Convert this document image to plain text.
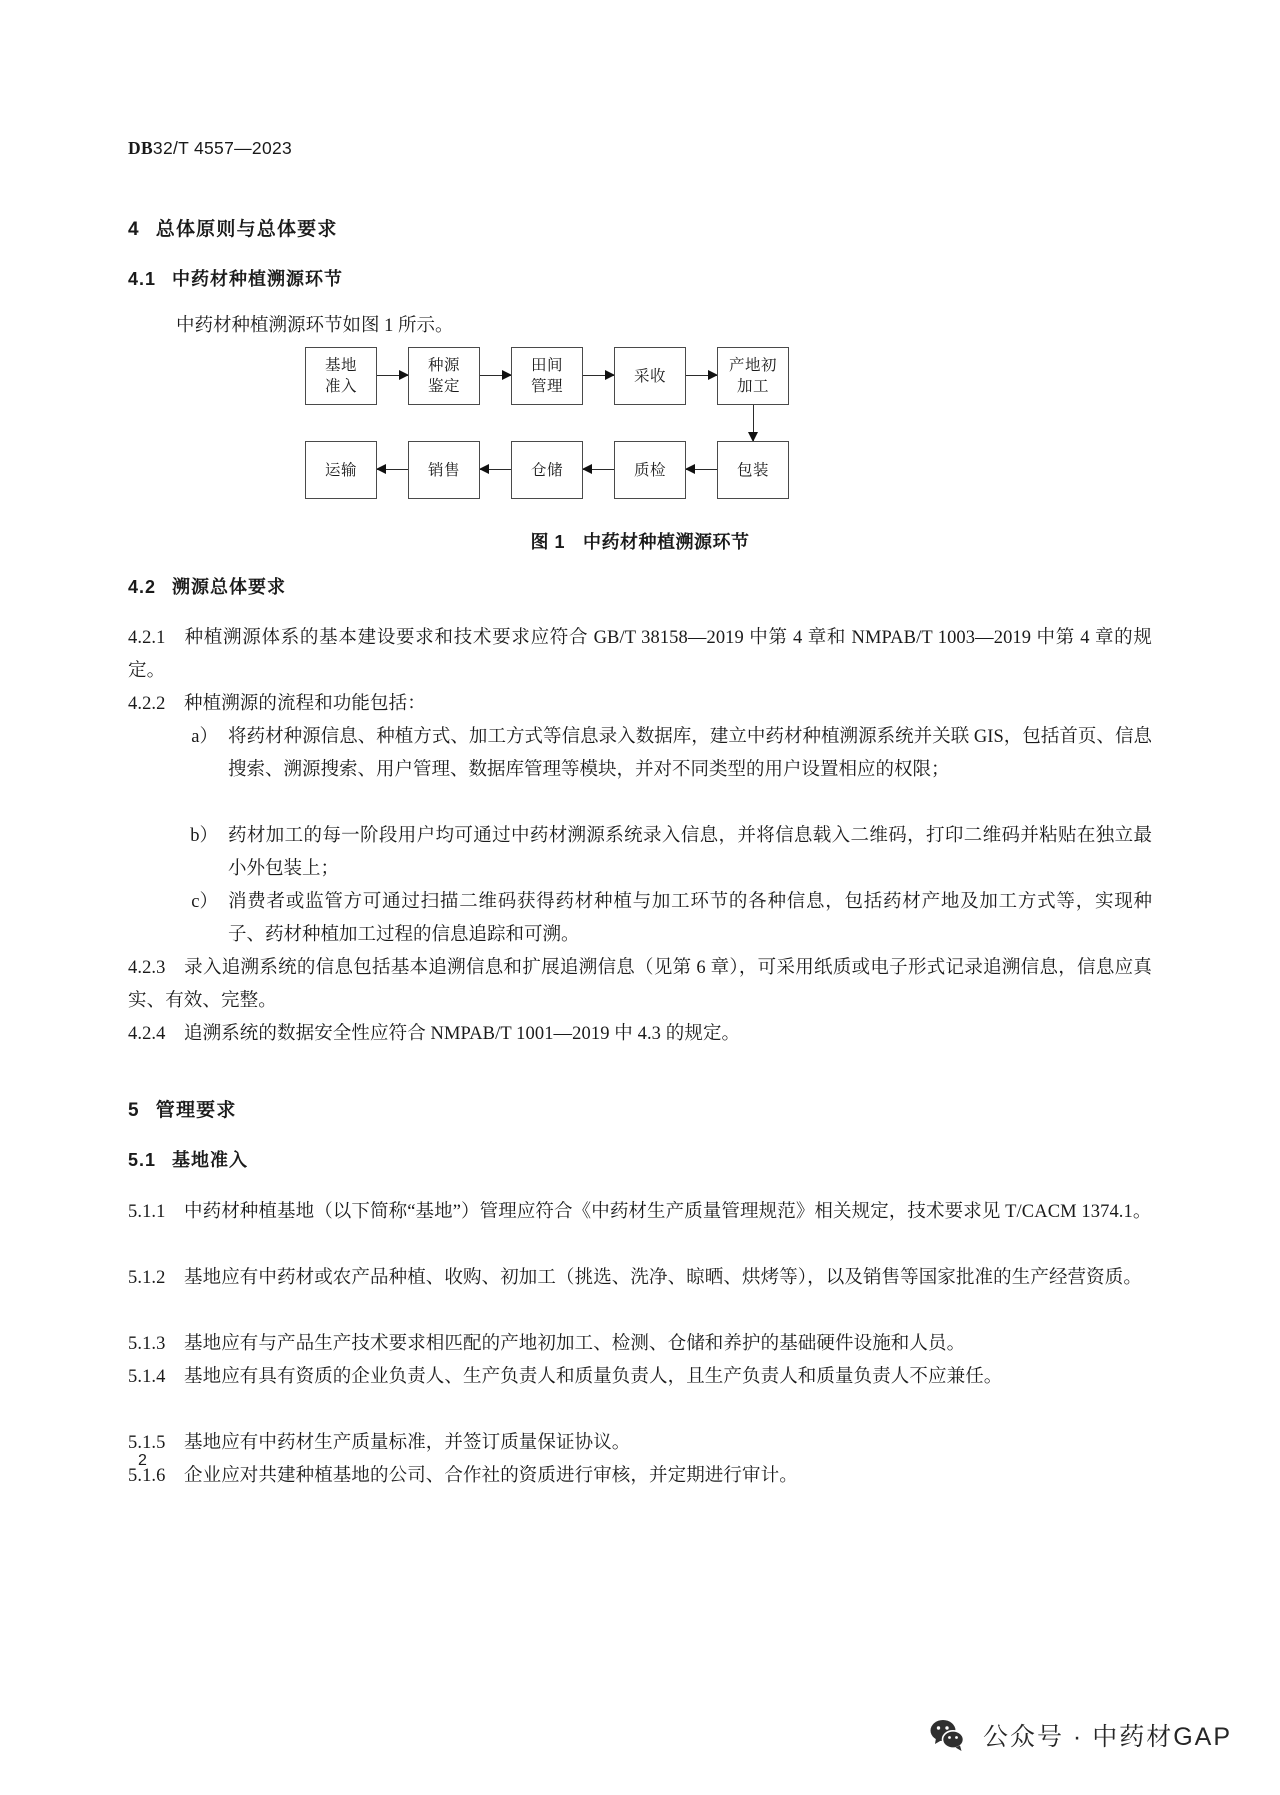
DB32/T 4557—2023
4 总体原则与总体要求
4.1 中药材种植溯源环节
中药材种植溯源环节如图 1 所示。
基地
准入
种源
鉴定
田间
管理
采收
产地初
加工
包装
质检
仓储
销售
运输
图 1 中药材种植溯源环节
4.2 溯源总体要求
4.2.1 种植溯源体系的基本建设要求和技术要求应符合 GB/T 38158—2019 中第 4 章和 NMPAB/T 1003—2019 中第 4 章的规定。
4.2.2 种植溯源的流程和功能包括：
a） 将药材种源信息、种植方式、加工方式等信息录入数据库，建立中药材种植溯源系统并关联 GIS，包括首页、信息搜索、溯源搜索、用户管理、数据库管理等模块，并对不同类型的用户设置相应的权限；
b） 药材加工的每一阶段用户均可通过中药材溯源系统录入信息，并将信息载入二维码，打印二维码并粘贴在独立最小外包装上；
c） 消费者或监管方可通过扫描二维码获得药材种植与加工环节的各种信息，包括药材产地及加工方式等，实现种子、药材种植加工过程的信息追踪和可溯。
4.2.3 录入追溯系统的信息包括基本追溯信息和扩展追溯信息（见第 6 章），可采用纸质或电子形式记录追溯信息，信息应真实、有效、完整。
4.2.4 追溯系统的数据安全性应符合 NMPAB/T 1001—2019 中 4.3 的规定。
5 管理要求
5.1 基地准入
5.1.1 中药材种植基地（以下简称“基地”）管理应符合《中药材生产质量管理规范》相关规定，技术要求见 T/CACM 1374.1。
5.1.2 基地应有中药材或农产品种植、收购、初加工（挑选、洗净、晾晒、烘烤等），以及销售等国家批准的生产经营资质。
5.1.3 基地应有与产品生产技术要求相匹配的产地初加工、检测、仓储和养护的基础硬件设施和人员。
5.1.4 基地应有具有资质的企业负责人、生产负责人和质量负责人，且生产负责人和质量负责人不应兼任。
5.1.5 基地应有中药材生产质量标准，并签订质量保证协议。
5.1.6 企业应对共建种植基地的公司、合作社的资质进行审核，并定期进行审计。
2
公众号 · 中药材GAP
